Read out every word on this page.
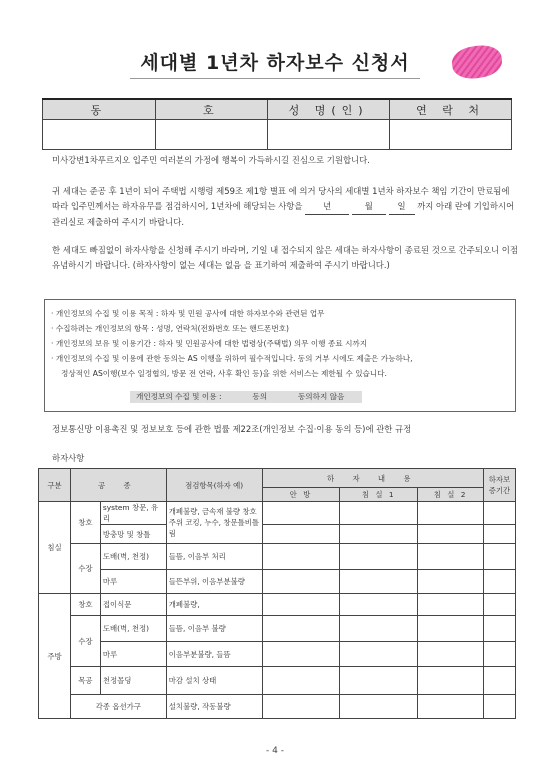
세대별 1년차 하자보수 신청서
동	호	성 명(인)	연 락 처

미사강변1차푸르지오 입주민 여러분의 가정에 행복이 가득하시길 진심으로 기원합니다.
귀 세대는 준공 후 1년이 되어 주택법 시행령 제59조 제1항 별표 에 의거 당사의 세대별 1년차 하자보수 책임 기간이 만료됨에
따라 입주민께서는 하자유무를 점검하시어, 1년차에 해당되는 사항을 년	월	일 까지 아래 란에 기입하시어
관리실로 제출하여 주시기 바랍니다.
한 세대도 빠짐없이 하자사항을 신청해 주시기 바라며, 기일 내 접수되지 않은 세대는 하자사항이 종료된 것으로 간주되오니 이점
유념하시기 바랍니다. (하자사항이 없는 세대는 없음 을 표기하여 제출하여 주시기 바랍니다.)
· 개인정보의 수집 및 이용 목적 : 하자 및 민원 공사에 대한 하자보수와 관련된 업무
· 수집하려는 개인정보의 항목 : 성명, 연락처(전화번호 또는 핸드폰번호)
· 개인정보의 보유 및 이용기간 : 하자 및 민원공사에 대한 법령상(주택법) 의무 이행 종료 시까지
· 개인정보의 수집 및 이용에 관한 동의는 AS 이행을 위하여 필수적입니다. 동의 거부 시에도 제출은 가능하나,
정상적인 AS이행(보수 일정협의, 방문 전 연락, 사후 확인 등)을 위한 서비스는 제한될 수 있습니다.
개인정보의 수집 및 이용 :	동의	동의하지 않음
정보통신망 이용촉진 및 정보보호 등에 관한 법률 제22조(개인정보 수집·이용 동의 등)에 관한 규정
하자사항
구분	공 종		점검항목(하자 예)	하 자 내 용			하자보 증기간
				안 방	침 실 1	침 실 2	
침실	창호	system 창문, 유리	개폐불량, 금속재 불량 창호주위 코킹, 누수, 창문틀비틀림				
		방충망 및 창틀					
	수장	도배(벽, 천정)	들뜸, 이음부 처리				
		마루	들뜬부위, 이음부분불량				
주방	창호	접이식문	개폐불량,				
	수장	도배(벽, 천정)	들뜸, 이음부 불량				
		마루	이음부분불량, 들뜸				
	목공	천정몰딩	마감 설치 상태				
	각종 옵션가구		설치불량, 작동불량				
- 4 -
